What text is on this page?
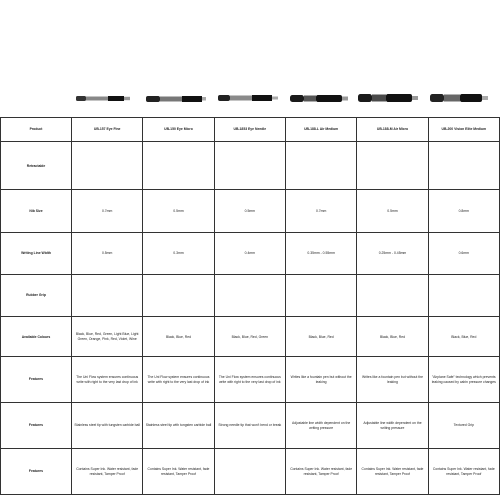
Product	UB-157 Eye Fine	UB-150 Eye Micro	UB-1853 Eye Needle	UB-188-L Air Medium	UB-188-M Air Micro	UB-200 Vision Elite Medium
Retractable						
Nib Size	0.7mm	0.5mm	0.5mm	0.7mm	0.5mm	0.8mm
Writing Line Width	0.5mm	0.3mm	0.4mm	0.35mm - 0.55mm	0.25mm - 0.45mm	0.6mm
Rubber Grip						
Available Colours	Black, Blue, Red, Green, Light Blue, Light Green, Orange, Pink, Red, Violet, Wine	Black, Blue, Red	Black, Blue, Red, Green	Black, Blue, Red	Black, Blue, Red	Black, Blue, Red
Features	The Uni Flow system ensures continuous write with right to the very last drop of ink	The Uni Flow system ensures continuous write with right to the very last drop of ink	The Uni Flow system ensures continuous write with right to the very last drop of ink	Writes like a fountain pen but without the leaking	Writes like a fountain pen but without the leaking	"Airplane Safe" technology which prevents leaking caused by cabin pressure changes
Features	Stainless steel tip with tungsten carbide ball	Stainless steel tip with tungsten carbide ball	Strong needle tip that won't bend or break	Adjustable line width dependent on the writing pressure	Adjustable line width dependent on the writing pressure	Textured Grip
Features	Contains Super Ink. Water resistant, fade resistant, Tamper Proof	Contains Super Ink. Water resistant, fade resistant, Tamper Proof		Contains Super Ink. Water resistant, fade resistant, Tamper Proof	Contains Super Ink. Water resistant, fade resistant, Tamper Proof	Contains Super Ink. Water resistant, fade resistant, Tamper Proof
